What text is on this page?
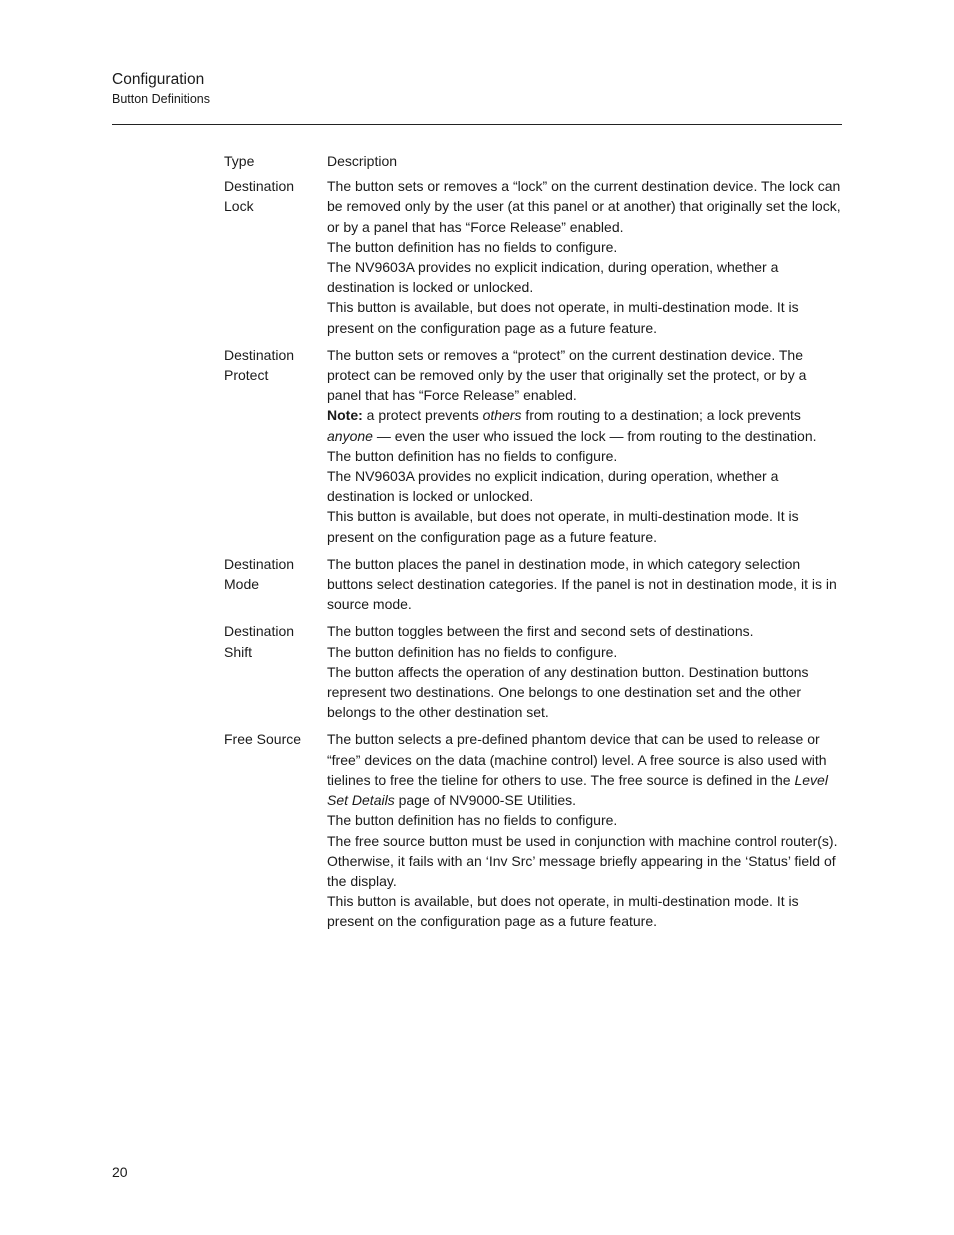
Configuration
Button Definitions
Type	Description
Destination
Lock

The button sets or removes a “lock” on the current destination device. The lock can be removed only by the user (at this panel or at another) that originally set the lock, or by a panel that has “Force Release” enabled.

The button definition has no fields to configure.

The NV9603A provides no explicit indication, during operation, whether a destination is locked or unlocked.

This button is available, but does not operate, in multi-destination mode. It is present on the configuration page as a future feature.

Destination
Protect

The button sets or removes a “protect” on the current destination device. The protect can be removed only by the user that originally set the protect, or by a panel that has “Force Release” enabled.

Note: a protect prevents others from routing to a destination; a lock prevents anyone — even the user who issued the lock — from routing to the destination.

The button definition has no fields to configure.

The NV9603A provides no explicit indication, during operation, whether a destination is locked or unlocked.

This button is available, but does not operate, in multi-destination mode. It is present on the configuration page as a future feature.

Destination
Mode

The button places the panel in destination mode, in which category selection buttons select destination categories. If the panel is not in destination mode, it is in source mode.

Destination
Shift

The button toggles between the first and second sets of destinations.

The button definition has no fields to configure.

The button affects the operation of any destination button. Destination buttons represent two destinations. One belongs to one destination set and the other belongs to the other destination set.

Free Source	The button selects a pre-defined phantom device that can be used to release or “free” devices on the data (machine control) level. A free source is also used with tielines to free the tieline for others to use. The free source is defined in the Level Set Details page of NV9000-SE Utilities.

The button definition has no fields to configure.

The free source button must be used in conjunction with machine control router(s). Otherwise, it fails with an ‘Inv Src’ message briefly appearing in the ‘Status’ field of the display.

This button is available, but does not operate, in multi-destination mode. It is present on the configuration page as a future feature.

20
